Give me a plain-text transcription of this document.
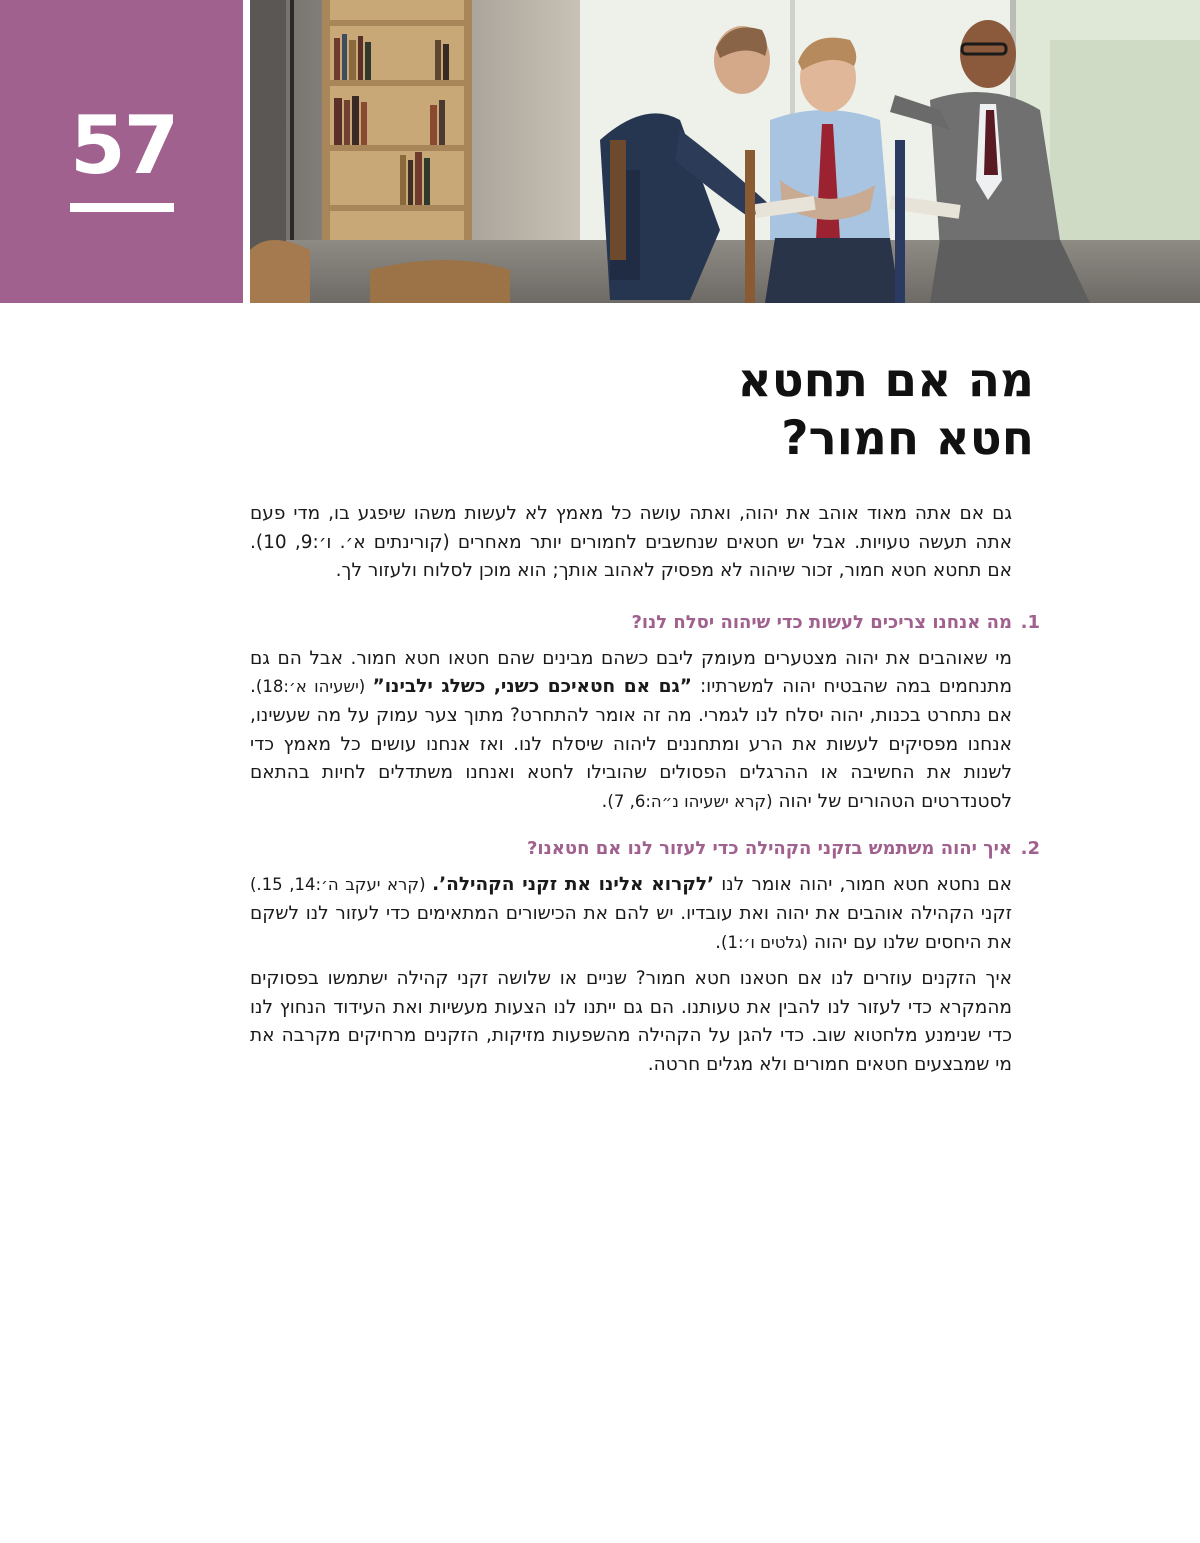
57
מה אם תחטא
חטא חמור?

גם אם אתה מאוד אוהב את יהוה, ואתה עושה כל מאמץ לא לעשות משהו שיפגע בו, מדי פעם אתה תעשה טעויות. אבל יש חטאים שנחשבים לחמורים יותר מאחרים (קורינתים א׳. ו׳:9, 10). אם תחטא חטא חמור, זכור שיהוה לא מפסיק לאהוב אותך; הוא מוכן לסלוח ולעזור לך.

1.
מה אנחנו צריכים לעשות כדי שיהוה יסלח לנו?

מי שאוהבים את יהוה מצטערים מעומק ליבם כשהם מבינים שהם חטאו חטא חמור. אבל הם גם מתנחמים במה שהבטיח יהוה למשרתיו: ”גם אם חטאיכם כשני, כשלג ילבינו” (ישעיהו א׳:18). אם נתחרט בכנות, יהוה יסלח לנו לגמרי. מה זה אומר להתחרט? מתוך צער עמוק על מה שעשינו, אנחנו מפסיקים לעשות את הרע ומתחננים ליהוה שיסלח לנו. ואז אנחנו עושים כל מאמץ כדי לשנות את החשיבה או ההרגלים הפסולים שהובילו לחטא ואנחנו משתדלים לחיות בהתאם לסטנדרטים הטהורים של יהוה (קרא ישעיהו נ״ה:6, 7).

2.
איך יהוה משתמש בזקני הקהילה כדי לעזור לנו אם חטאנו?

אם נחטא חטא חמור, יהוה אומר לנו ’לקרוא אלינו את זקני הקהילה’. (קרא יעקב ה׳:14, 15.) זקני הקהילה אוהבים את יהוה ואת עובדיו. יש להם את הכישורים המתאימים כדי לעזור לנו לשקם את היחסים שלנו עם יהוה (גלטים ו׳:1).

איך הזקנים עוזרים לנו אם חטאנו חטא חמור? שניים או שלושה זקני קהילה ישתמשו בפסוקים מהמקרא כדי לעזור לנו להבין את טעותנו. הם גם ייתנו לנו הצעות מעשיות ואת העידוד הנחוץ לנו כדי שנימנע מלחטוא שוב. כדי להגן על הקהילה מהשפעות מזיקות, הזקנים מרחיקים מקרבה את מי שמבצעים חטאים חמורים ולא מגלים חרטה.
